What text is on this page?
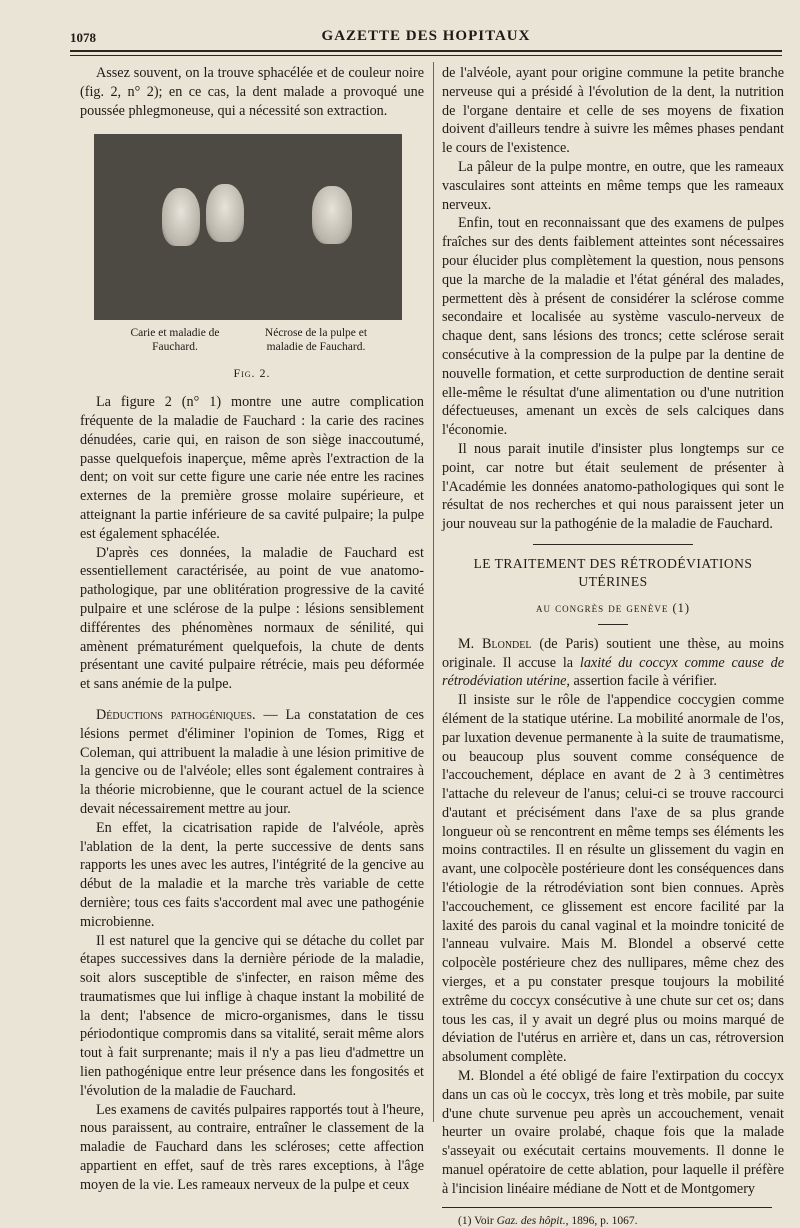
1078	GAZETTE DES HOPITAUX

Assez souvent, on la trouve sphacélée et de couleur noire (fig. 2, n° 2); en ce cas, la dent malade a provoqué une poussée phlegmoneuse, qui a nécessité son extraction.

Carie et maladie de Fauchard.
Nécrose de la pulpe et maladie de Fauchard.
Fig. 2.

La figure 2 (n° 1) montre une autre complication fréquente de la maladie de Fauchard : la carie des racines dénudées, carie qui, en raison de son siège inaccoutumé, passe quelquefois inaperçue, même après l'extraction de la dent; on voit sur cette figure une carie née entre les racines externes de la première grosse molaire supérieure, et atteignant la partie inférieure de sa cavité pulpaire; la pulpe est également sphacélée.

D'après ces données, la maladie de Fauchard est essentiellement caractérisée, au point de vue anatomo-pathologique, par une oblitération progressive de la cavité pulpaire et une sclérose de la pulpe : lésions sensiblement différentes des phénomènes normaux de sénilité, qui amènent prématurément quelquefois, la chute de dents présentant une cavité pulpaire rétrécie, mais peu déformée et sans anémie de la pulpe.

Déductions pathogéniques. — La constatation de ces lésions permet d'éliminer l'opinion de Tomes, Rigg et Coleman, qui attribuent la maladie à une lésion primitive de la gencive ou de l'alvéole; elles sont également contraires à la théorie microbienne, que le courant actuel de la science devait nécessairement mettre au jour.

En effet, la cicatrisation rapide de l'alvéole, après l'ablation de la dent, la perte successive de dents sans rapports les unes avec les autres, l'intégrité de la gencive au début de la maladie et la marche très variable de cette dernière; tous ces faits s'accordent mal avec une pathogénie microbienne.

Il est naturel que la gencive qui se détache du collet par étapes successives dans la dernière période de la maladie, soit alors susceptible de s'infecter, en raison même des traumatismes que lui inflige à chaque instant la mobilité de la dent; l'absence de micro-organismes, dans le tissu périodontique compromis dans sa vitalité, serait même alors tout à fait surprenante; mais il n'y a pas lieu d'admettre un lien pathogénique entre leur présence dans les fongosités et l'évolution de la maladie de Fauchard.

Les examens de cavités pulpaires rapportés tout à l'heure, nous paraissent, au contraire, entraîner le classement de la maladie de Fauchard dans les scléroses; cette affection appartient en effet, sauf de très rares exceptions, à l'âge moyen de la vie. Les rameaux nerveux de la pulpe et ceux

de l'alvéole, ayant pour origine commune la petite branche nerveuse qui a présidé à l'évolution de la dent, la nutrition de l'organe dentaire et celle de ses moyens de fixation doivent d'ailleurs tendre à suivre les mêmes phases pendant le cours de l'existence.

La pâleur de la pulpe montre, en outre, que les rameaux vasculaires sont atteints en même temps que les rameaux nerveux.

Enfin, tout en reconnaissant que des examens de pulpes fraîches sur des dents faiblement atteintes sont nécessaires pour élucider plus complètement la question, nous pensons que la marche de la maladie et l'état général des malades, permettent dès à présent de considérer la sclérose comme secondaire et localisée au système vasculo-nerveux de chaque dent, sans lésions des troncs; cette sclérose serait consécutive à la compression de la pulpe par la dentine de nouvelle formation, et cette surproduction de dentine serait elle-même le résultat d'une alimentation ou d'une nutrition défectueuses, amenant un excès de sels calciques dans l'économie.

Il nous parait inutile d'insister plus longtemps sur ce point, car notre but était seulement de présenter à l'Académie les données anatomo-pathologiques qui sont le résultat de nos recherches et qui nous paraissent jeter un jour nouveau sur la pathogénie de la maladie de Fauchard.

LE TRAITEMENT DES RÉTRODÉVIATIONS UTÉRINES
au congrès de genève (1)

M. Blondel (de Paris) soutient une thèse, au moins originale. Il accuse la laxité du coccyx comme cause de rétrodéviation utérine, assertion facile à vérifier.

Il insiste sur le rôle de l'appendice coccygien comme élément de la statique utérine. La mobilité anormale de l'os, par luxation devenue permanente à la suite de traumatisme, ou beaucoup plus souvent comme conséquence de l'accouchement, déplace en avant de 2 à 3 centimètres l'attache du releveur de l'anus; celui-ci se trouve raccourci d'autant et précisément dans l'axe de sa plus grande longueur où se rencontrent en même temps ses éléments les moins contractiles. Il en résulte un glissement du vagin en avant, une colpocèle postérieure dont les conséquences dans l'étiologie de la rétrodéviation sont bien connues. Après l'accouchement, ce glissement est encore facilité par la laxité des parois du canal vaginal et la moindre tonicité de l'anneau vulvaire. Mais M. Blondel a observé cette colpocèle postérieure chez des nullipares, même chez des vierges, et a pu constater presque toujours la mobilité extrême du coccyx consécutive à une chute sur cet os; dans tous les cas, il y avait un degré plus ou moins marqué de déviation de l'utérus en arrière et, dans un cas, rétroversion absolument complète.

M. Blondel a été obligé de faire l'extirpation du coccyx dans un cas où le coccyx, très long et très mobile, par suite d'une chute survenue peu après un accouchement, venait heurter un ovaire prolabé, chaque fois que la malade s'asseyait ou exécutait certains mouvements. Il donne le manuel opératoire de cette ablation, pour laquelle il préfère à l'incision linéaire médiane de Nott et de Montgomery

(1) Voir Gaz. des hôpit., 1896, p. 1067.
